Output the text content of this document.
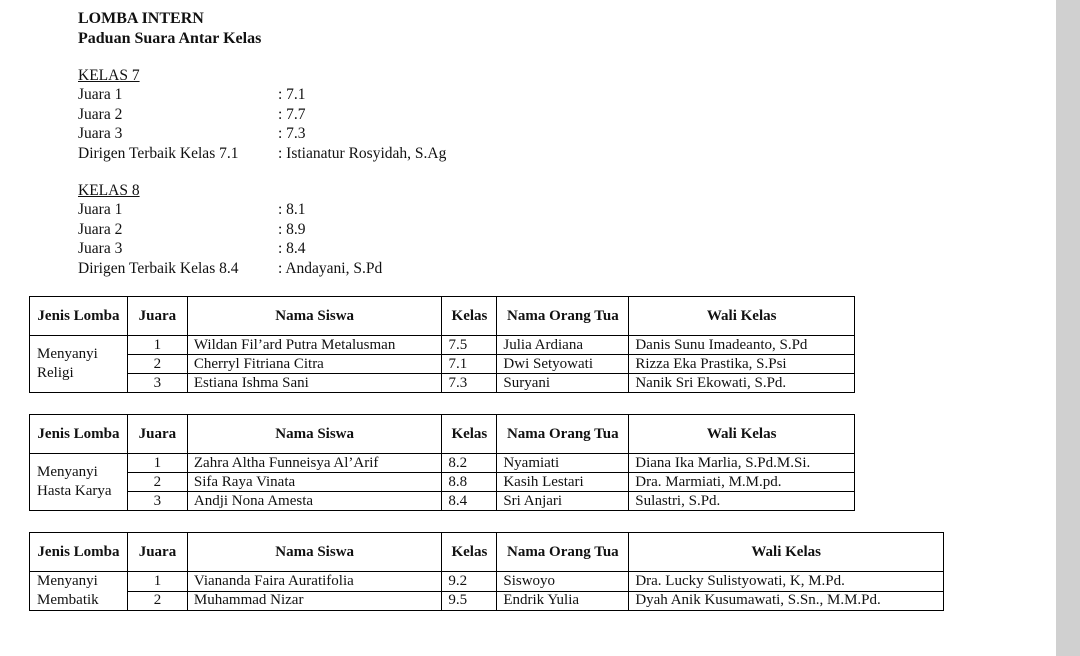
LOMBA INTERN
Paduan Suara Antar Kelas
KELAS 7
Juara 1	: 7.1
Juara 2	: 7.7
Juara 3	: 7.3
Dirigen Terbaik Kelas 7.1	: Istianatur Rosyidah, S.Ag
KELAS 8
Juara 1	: 8.1
Juara 2	: 8.9
Juara 3	: 8.4
Dirigen Terbaik Kelas 8.4	: Andayani, S.Pd
Jenis Lomba	Juara	Nama Siswa	Kelas	Nama Orang Tua	Wali Kelas
Menyanyi Religi	1	Wildan Fil’ard Putra Metalusman	7.5	Julia Ardiana	Danis Sunu Imadeanto, S.Pd
	2	Cherryl Fitriana Citra	7.1	Dwi Setyowati	Rizza Eka Prastika, S.Psi
	3	Estiana Ishma Sani	7.3	Suryani	Nanik Sri Ekowati, S.Pd.
Jenis Lomba	Juara	Nama Siswa	Kelas	Nama Orang Tua	Wali Kelas
Menyanyi Hasta Karya	1	Zahra Altha Funneisya Al’Arif	8.2	Nyamiati	Diana Ika Marlia, S.Pd.M.Si.
	2	Sifa Raya Vinata	8.8	Kasih Lestari	Dra. Marmiati, M.M.pd.
	3	Andji Nona Amesta	8.4	Sri Anjari	Sulastri, S.Pd.
Jenis Lomba	Juara	Nama Siswa	Kelas	Nama Orang Tua	Wali Kelas
Menyanyi Membatik	1	Viananda Faira Auratifolia	9.2	Siswoyo	Dra. Lucky Sulistyowati, K, M.Pd.
	2	Muhammad Nizar	9.5	Endrik Yulia	Dyah Anik Kusumawati, S.Sn., M.M.Pd.
